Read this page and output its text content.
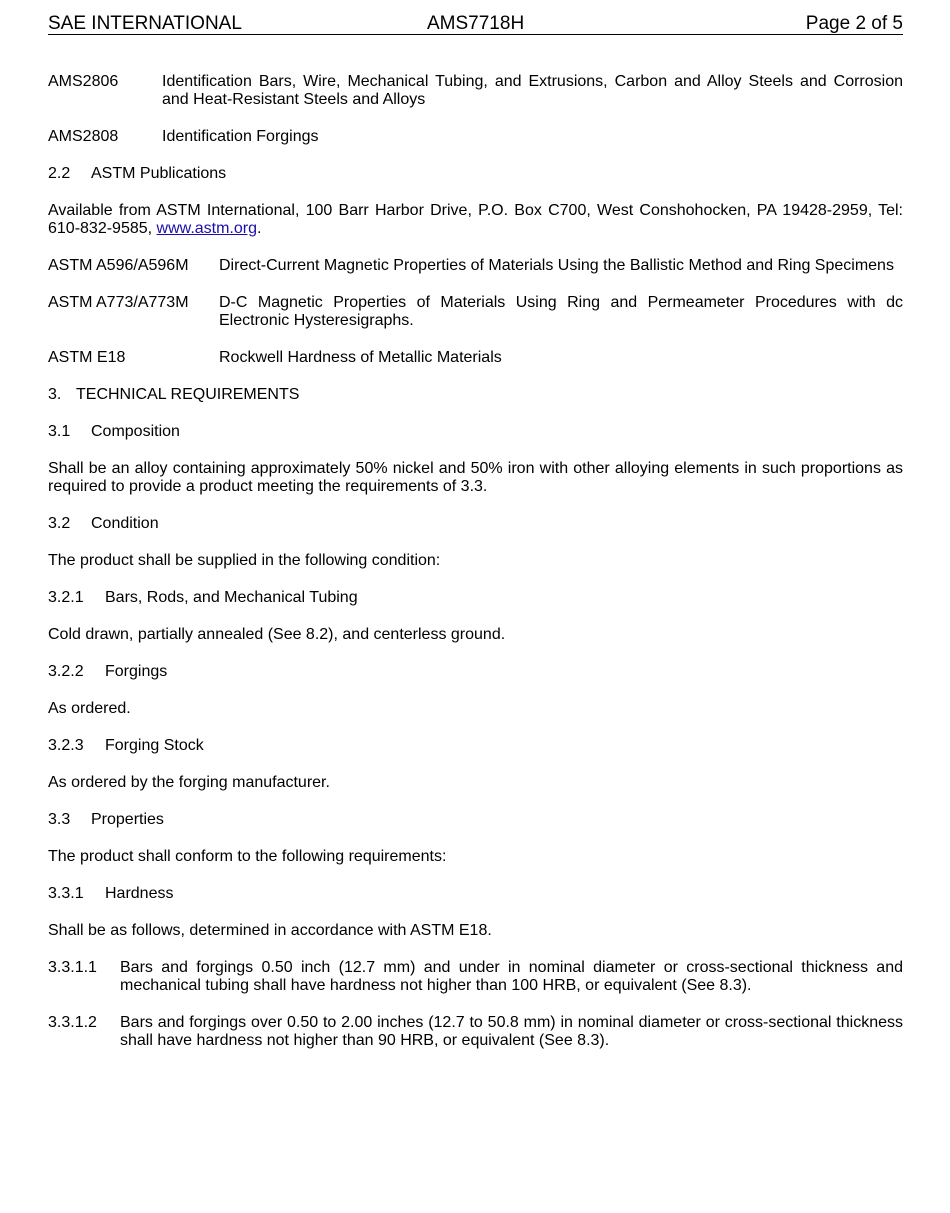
SAE INTERNATIONAL	AMS7718H	Page 2 of 5
AMS2806	Identification Bars, Wire, Mechanical Tubing, and Extrusions, Carbon and Alloy Steels and Corrosion and Heat-Resistant Steels and Alloys
AMS2808	Identification Forgings
2.2 ASTM Publications
Available from ASTM International, 100 Barr Harbor Drive, P.O. Box C700, West Conshohocken, PA 19428-2959, Tel: 610-832-9585, www.astm.org.
ASTM A596/A596M	Direct-Current Magnetic Properties of Materials Using the Ballistic Method and Ring Specimens
ASTM A773/A773M	D-C Magnetic Properties of Materials Using Ring and Permeameter Procedures with dc Electronic Hysteresigraphs.
ASTM E18	Rockwell Hardness of Metallic Materials
3. TECHNICAL REQUIREMENTS
3.1 Composition
Shall be an alloy containing approximately 50% nickel and 50% iron with other alloying elements in such proportions as required to provide a product meeting the requirements of 3.3.
3.2 Condition
The product shall be supplied in the following condition:
3.2.1 Bars, Rods, and Mechanical Tubing
Cold drawn, partially annealed (See 8.2), and centerless ground.
3.2.2 Forgings
As ordered.
3.2.3 Forging Stock
As ordered by the forging manufacturer.
3.3 Properties
The product shall conform to the following requirements:
3.3.1 Hardness
Shall be as follows, determined in accordance with ASTM E18.
3.3.1.1	Bars and forgings 0.50 inch (12.7 mm) and under in nominal diameter or cross-sectional thickness and mechanical tubing shall have hardness not higher than 100 HRB, or equivalent (See 8.3).
3.3.1.2	Bars and forgings over 0.50 to 2.00 inches (12.7 to 50.8 mm) in nominal diameter or cross-sectional thickness shall have hardness not higher than 90 HRB, or equivalent (See 8.3).
